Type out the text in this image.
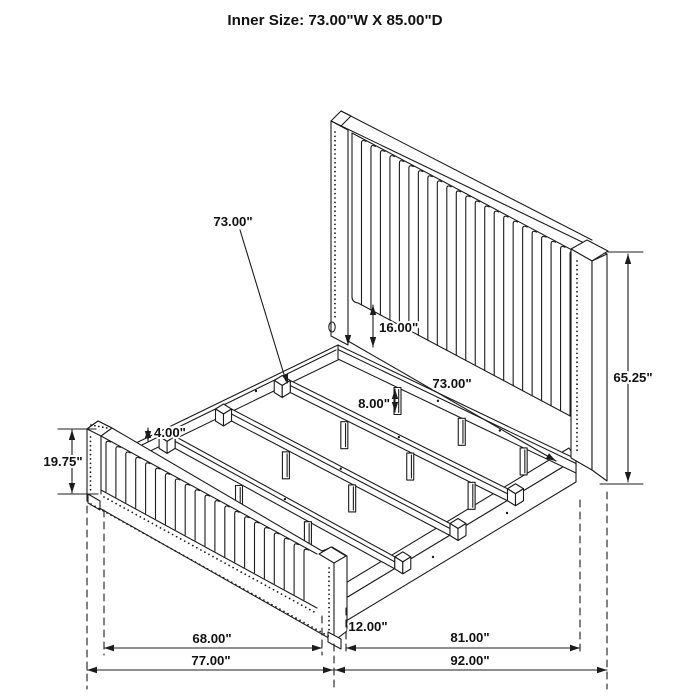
Inner Size: 73.00"W X 85.00"D
73.00"
16.00"
65.25"
73.00"
8.00"
4.00"
19.75"
12.00"
68.00"	81.00"
77.00"	92.00"
